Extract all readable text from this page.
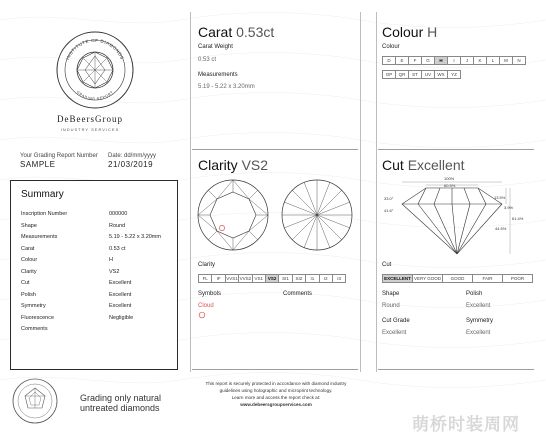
INSTITUTE OF DIAMONDS
GRADING REPORT
DeBeersGroup
INDUSTRY SERVICES
Your Grading Report Number
SAMPLE
Date: dd/mm/yyyy
21/03/2019
Summary
Inscription Number	000000
Shape	Round
Measurements	5.19 - 5.22 x 3.20mm
Carat	0.53 ct
Colour	H
Clarity	VS2
Cut	Excellent
Polish	Excellent
Symmetry	Excellent
Fluorescence	Negligible
Comments
Grading only natural
untreated diamonds
Carat 0.53ct
Carat Weight
0.53 ct
Measurements
5.19 - 5.22 x 3.20mm
Clarity VS2
Clarity
FL	IF	VVS1 VVS2 VS1	VS2	SI1	SI2	I1	I2	I3
Symbols	Comments
Cloud
This report is securely protected in accordance with diamond industry
guidelines using holographic and microprint technology.
Learn more and access the report check at:
www.debeersgroupservices.com
Colour H
Colour
D	E	F	G	H	I	J	K	L	M	N
OP	QR	ST	UV	WX	YZ
Cut Excellent
100%
60.5%
33.0°
41.6°
13.5%
3.9%
61.4%
44.5%
Cut
EXCELLENT VERY GOOD	GOOD	FAIR	POOR
Shape
Round
Polish
Excellent
Cut Grade
Excellent
Symmetry
Excellent
萌桥时装周网
